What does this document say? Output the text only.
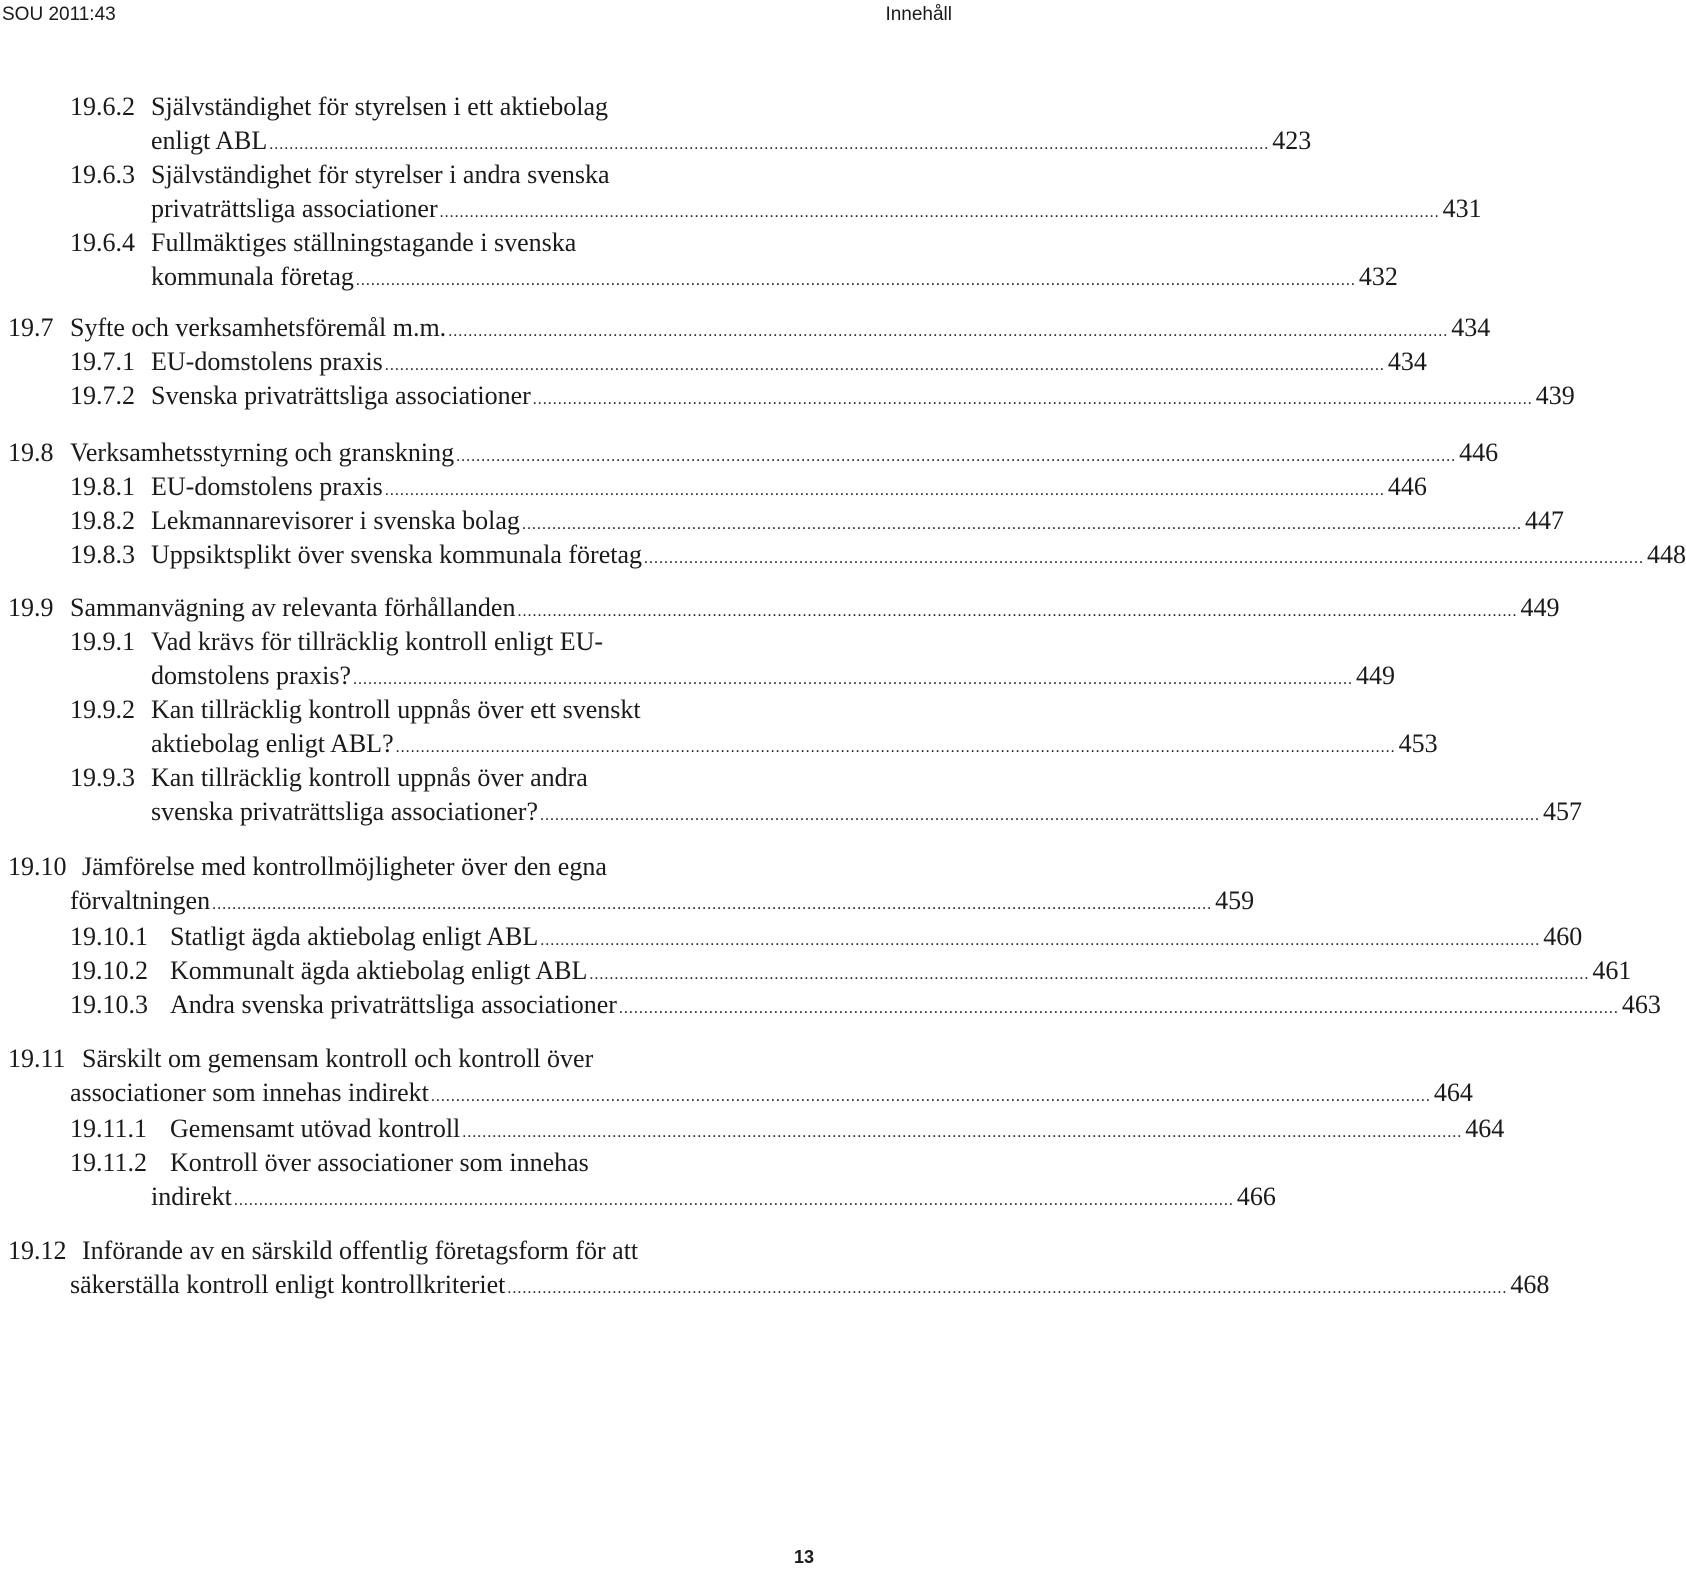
SOU 2011:43	Innehåll
19.6.2 Självständighet för styrelsen i ett aktiebolag
enligt ABL ........................................................................................................................................................................................................ 423
19.6.3 Självständighet för styrelser i andra svenska
privaträttsliga associationer ........................................................................................................................................................................................................ 431
19.6.4 Fullmäktiges ställningstagande i svenska
kommunala företag ........................................................................................................................................................................................................ 432
19.7 Syfte och verksamhetsföremål m.m. ........................................................................................................................................................................................................ 434
19.7.1 EU-domstolens praxis ........................................................................................................................................................................................................ 434
19.7.2 Svenska privaträttsliga associationer ........................................................................................................................................................................................................ 439
19.8 Verksamhetsstyrning och granskning ........................................................................................................................................................................................................ 446
19.8.1 EU-domstolens praxis ........................................................................................................................................................................................................ 446
19.8.2 Lekmannarevisorer i svenska bolag ........................................................................................................................................................................................................ 447
19.8.3 Uppsiktsplikt över svenska kommunala företag ........................................................................................................................................................................................................ 448
19.9 Sammanvägning av relevanta förhållanden ........................................................................................................................................................................................................ 449
19.9.1 Vad krävs för tillräcklig kontroll enligt EU-
domstolens praxis? ........................................................................................................................................................................................................ 449
19.9.2 Kan tillräcklig kontroll uppnås över ett svenskt
aktiebolag enligt ABL? ........................................................................................................................................................................................................ 453
19.9.3 Kan tillräcklig kontroll uppnås över andra
svenska privaträttsliga associationer? ........................................................................................................................................................................................................ 457
19.10 Jämförelse med kontrollmöjligheter över den egna
förvaltningen ........................................................................................................................................................................................................ 459
19.10.1 Statligt ägda aktiebolag enligt ABL ........................................................................................................................................................................................................ 460
19.10.2 Kommunalt ägda aktiebolag enligt ABL ........................................................................................................................................................................................................ 461
19.10.3 Andra svenska privaträttsliga associationer ........................................................................................................................................................................................................ 463
19.11 Särskilt om gemensam kontroll och kontroll över
associationer som innehas indirekt ........................................................................................................................................................................................................ 464
19.11.1 Gemensamt utövad kontroll ........................................................................................................................................................................................................ 464
19.11.2 Kontroll över associationer som innehas
indirekt ........................................................................................................................................................................................................ 466
19.12 Införande av en särskild offentlig företagsform för att
säkerställa kontroll enligt kontrollkriteriet ........................................................................................................................................................................................................ 468
13
